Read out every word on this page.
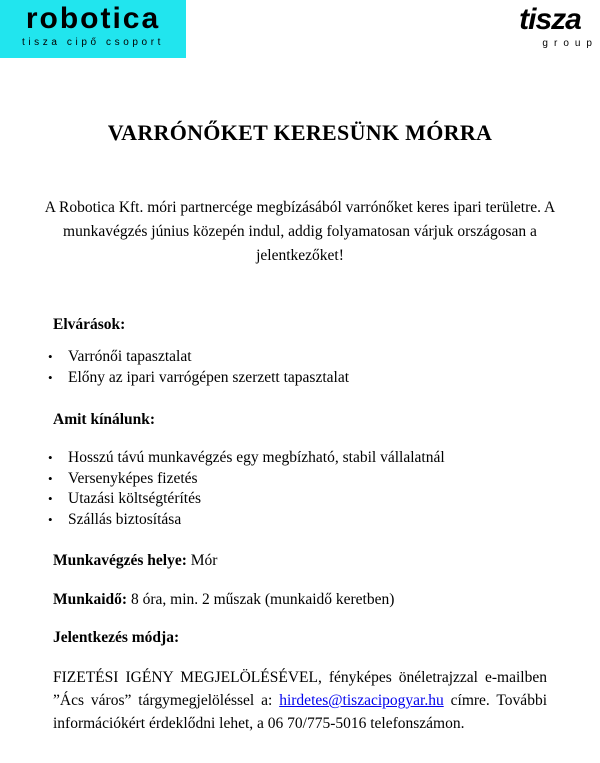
robotica
tisza cipő csoport
tisza
group
VARRÓNŐKET KERESÜNK MÓRRA
A Robotica Kft. móri partnercége megbízásából varrónőket keres ipari területre. A munkavégzés június közepén indul, addig folyamatosan várjuk országosan a jelentkezőket!
Elvárások:
• Varrónői tapasztalat
• Előny az ipari varrógépen szerzett tapasztalat
Amit kínálunk:
• Hosszú távú munkavégzés egy megbízható, stabil vállalatnál
• Versenyképes fizetés
• Utazási költségtérítés
• Szállás biztosítása
Munkavégzés helye: Mór
Munkaidő: 8 óra, min. 2 műszak (munkaidő keretben)
Jelentkezés módja:
FIZETÉSI IGÉNY MEGJELÖLÉSÉVEL, fényképes önéletrajzzal e-mailben ”Ács város” tárgymegjelöléssel a: hirdetes@tiszacipogyar.hu címre. További információkért érdeklődni lehet, a 06 70/775-5016 telefonszámon.
